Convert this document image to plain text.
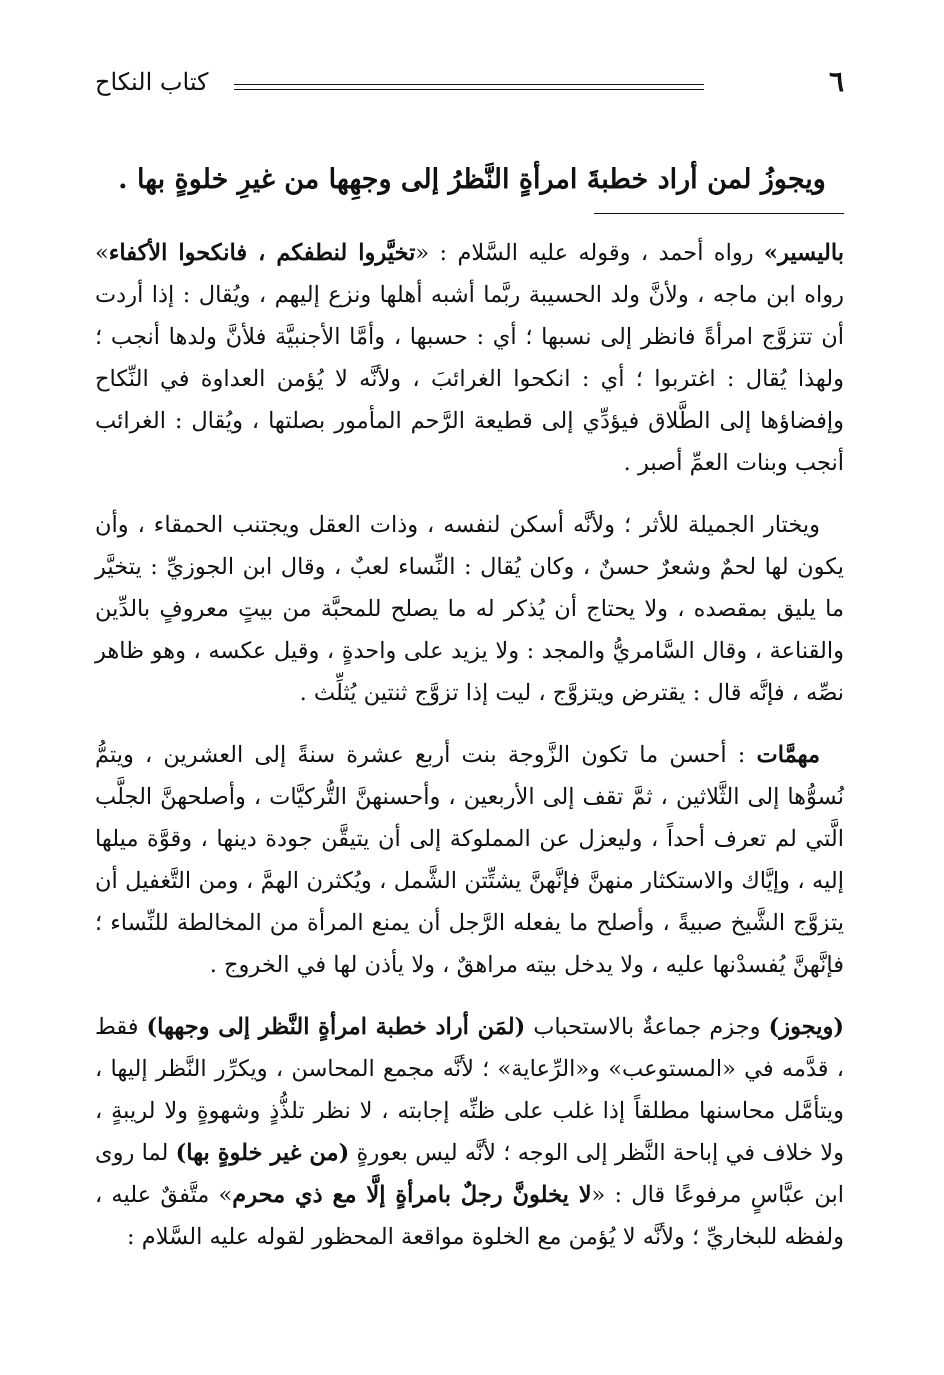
٦
كتاب النكاح
ويجوزُ لمن أراد خطبةَ امرأةٍ النَّظرُ إلى وجهِها من غيرِ خلوةٍ بها .

باليسير» رواه أحمد ، وقوله عليه السَّلام : «تخيَّروا لنطفكم ، فانكحوا الأكفاء» رواه ابن ماجه ، ولأنَّ ولد الحسيبة ربَّما أشبه أهلها ونزع إليهم ، ويُقال : إذا أردت أن تتزوَّج امرأةً فانظر إلى نسبها ؛ أي : حسبها ، وأمَّا الأجنبيَّة فلأنَّ ولدها أنجب ؛ ولهذا يُقال : اغتربوا ؛ أي : انكحوا الغرائبَ ، ولأنَّه لا يُؤمن العداوة في النِّكاح وإفضاؤها إلى الطَّلاق فيؤدِّي إلى قطيعة الرَّحم المأمور بصلتها ، ويُقال : الغرائب أنجب وبنات العمِّ أصبر .

ويختار الجميلة للأثر ؛ ولأنَّه أسكن لنفسه ، وذات العقل ويجتنب الحمقاء ، وأن يكون لها لحمٌ وشعرٌ حسنٌ ، وكان يُقال : النِّساء لعبٌ ، وقال ابن الجوزيِّ : يتخيَّر ما يليق بمقصده ، ولا يحتاج أن يُذكر له ما يصلح للمحبَّة من بيتٍ معروفٍ بالدِّين والقناعة ، وقال السَّامريُّ والمجد : ولا يزيد على واحدةٍ ، وقيل عكسه ، وهو ظاهر نصِّه ، فإنَّه قال : يقترض ويتزوَّج ، ليت إذا تزوَّج ثنتين يُثلِّث .

مهمَّات : أحسن ما تكون الزَّوجة بنت أربع عشرة سنةً إلى العشرين ، ويتمُّ نُسوُّها إلى الثَّلاثين ، ثمَّ تقف إلى الأربعين ، وأحسنهنَّ التُّركيَّات ، وأصلحهنَّ الجلَّب الَّتي لم تعرف أحداً ، وليعزل عن المملوكة إلى أن يتيقَّن جودة دينها ، وقوَّة ميلها إليه ، وإيَّاك والاستكثار منهنَّ فإنَّهنَّ يشتِّتن الشَّمل ، ويُكثرن الهمَّ ، ومن التَّغفيل أن يتزوَّج الشَّيخ صبيةً ، وأصلح ما يفعله الرَّجل أن يمنع المرأة من المخالطة للنِّساء ؛ فإنَّهنَّ يُفسدْنها عليه ، ولا يدخل بيته مراهقٌ ، ولا يأذن لها في الخروج .

(ويجوز) وجزم جماعةٌ بالاستحباب (لمَن أراد خطبة امرأةٍ النَّظر إلى وجهها) فقط ، قدَّمه في «المستوعب» و«الرِّعاية» ؛ لأنَّه مجمع المحاسن ، ويكرِّر النَّظر إليها ، ويتأمَّل محاسنها مطلقاً إذا غلب على ظنِّه إجابته ، لا نظر تلذُّذٍ وشهوةٍ ولا لريبةٍ ، ولا خلاف في إباحة النَّظر إلى الوجه ؛ لأنَّه ليس بعورةٍ (من غير خلوةٍ بها) لما روى ابن عبَّاسٍ مرفوعًا قال : «لا يخلونَّ رجلٌ بامرأةٍ إلَّا مع ذي محرم» متَّفقٌ عليه ، ولفظه للبخاريِّ ؛ ولأنَّه لا يُؤمن مع الخلوة مواقعة المحظور لقوله عليه السَّلام :
